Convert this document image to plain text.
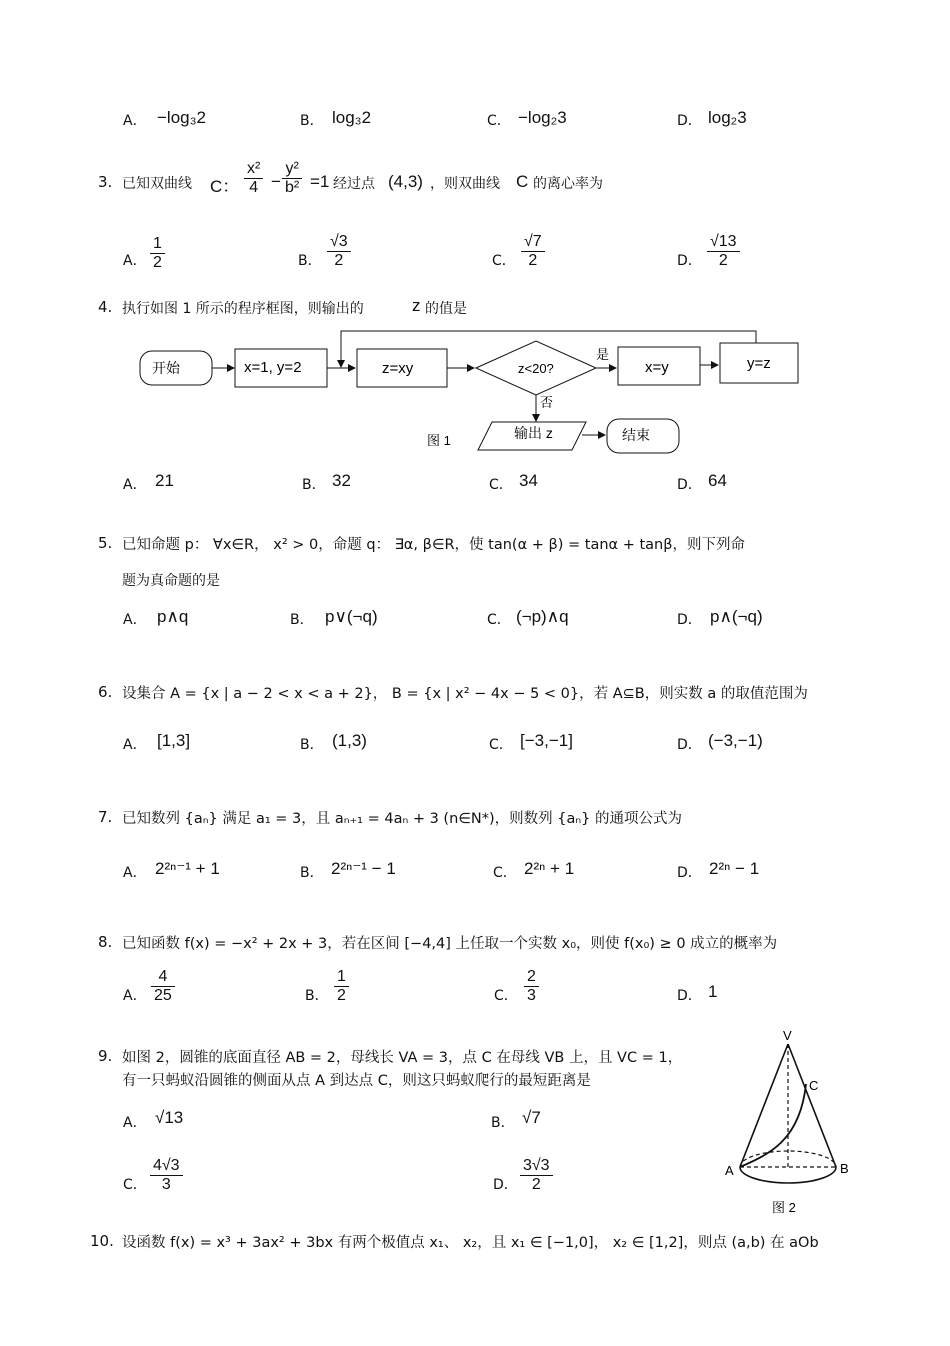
A． −log₃2	B． log₃2	C． −log₂3	D． log₂3
3. 已知双曲线 C： $\frac{\text{x²}}{4} - \frac{\text{y²}}{\text{b²}} =1$ 经过点 (4,3) ，则双曲线 C 的离心率为
A． $\frac{1}{2}$	B． $\frac{√3}{2}$	C． $\frac{√7}{2}$	D． $\frac{√13}{2}$
4. 执行如图 1 所示的程序框图，则输出的	z 的值是
开始	x=1, y=2	z=xy	z<20?
是
x=y	y=z
否
输出 z	结束
图 1
A． 21	B． 32	C． 34	D． 64
5. 已知命题 p： ∀x∈R， x² > 0，命题 q： ∃α, β∈R，使 tan(α + β) = tanα + tanβ，则下列命
题为真命题的是
A． p∧q	B． p∨(¬q)	C． (¬p)∧q	D． p∧(¬q)
6. 设集合 A = {x | a − 2 < x < a + 2}， B = {x | x² − 4x − 5 < 0}，若 A⊆B，则实数 a 的取值范围为
A． [1,3]	B． (1,3)	C． [−3,−1]	D． (−3,−1)
7. 已知数列 {aₙ} 满足 a₁ = 3，且 aₙ₊₁ = 4aₙ + 3 (n∈N*)，则数列 {aₙ} 的通项公式为
A． 2²ⁿ⁻¹ + 1	B． 2²ⁿ⁻¹ − 1	C． 2²ⁿ + 1	D． 2²ⁿ − 1
8. 已知函数 f(x) = −x² + 2x + 3，若在区间 [−4,4] 上任取一个实数 x₀，则使 f(x₀) ≥ 0 成立的概率为
A． $\frac{4}{25}$	B． $\frac{1}{2}$	C． $\frac{2}{3}$	D． 1
9. 如图 2，圆锥的底面直径 AB = 2，母线长 VA = 3，点 C 在母线 VB 上，且 VC = 1，
有一只蚂蚁沿圆锥的侧面从点 A 到达点 C，则这只蚂蚁爬行的最短距离是
A． √13	B． √7
C． $\frac{4√3}{3}$	D． $\frac{3√3}{2}$
V
C
A	B
图 2
10. 设函数 f(x) = x³ + 3ax² + 3bx 有两个极值点 x₁、 x₂，且 x₁ ∈ [−1,0]， x₂ ∈ [1,2]，则点 (a,b) 在 aOb
